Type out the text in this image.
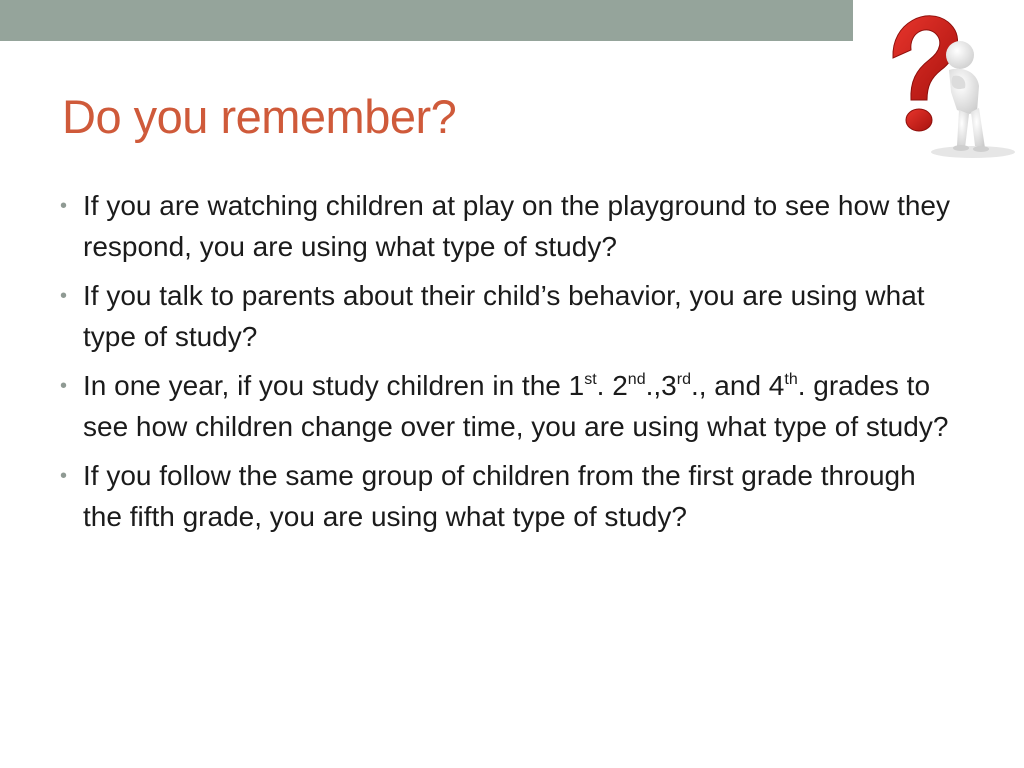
Do you remember?
• If you are watching children at play on the playground to see how they respond, you are using what type of study?
• If you talk to parents about their child’s behavior, you are using what type of study?
• In one year, if you study children in the 1st. 2nd.,3rd., and 4th. grades to see how children change over time, you are using what type of study?
• If you follow the same group of children from the first grade through the fifth grade, you are using what type of study?
